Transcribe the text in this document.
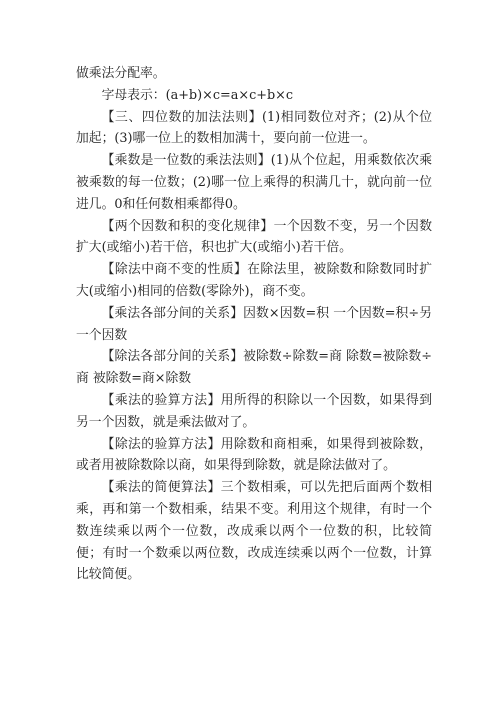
做乘法分配率。

字母表示：(a+b)×c=a×c+b×c

【三、四位数的加法法则】(1)相同数位对齐；(2)从个位加起；(3)哪一位上的数相加满十，要向前一位进一。

【乘数是一位数的乘法法则】(1)从个位起，用乘数依次乘被乘数的每一位数；(2)哪一位上乘得的积满几十，就向前一位进几。0和任何数相乘都得0。

【两个因数和积的变化规律】一个因数不变，另一个因数扩大(或缩小)若干倍，积也扩大(或缩小)若干倍。

【除法中商不变的性质】在除法里，被除数和除数同时扩大(或缩小)相同的倍数(零除外)，商不变。

【乘法各部分间的关系】因数×因数=积 一个因数=积÷另一个因数

【除法各部分间的关系】被除数÷除数=商 除数=被除数÷商 被除数=商×除数

【乘法的验算方法】用所得的积除以一个因数，如果得到另一个因数，就是乘法做对了。

【除法的验算方法】用除数和商相乘，如果得到被除数，或者用被除数除以商，如果得到除数，就是除法做对了。

【乘法的简便算法】三个数相乘，可以先把后面两个数相乘，再和第一个数相乘，结果不变。利用这个规律，有时一个数连续乘以两个一位数，改成乘以两个一位数的积，比较简便；有时一个数乘以两位数，改成连续乘以两个一位数，计算比较简便。
